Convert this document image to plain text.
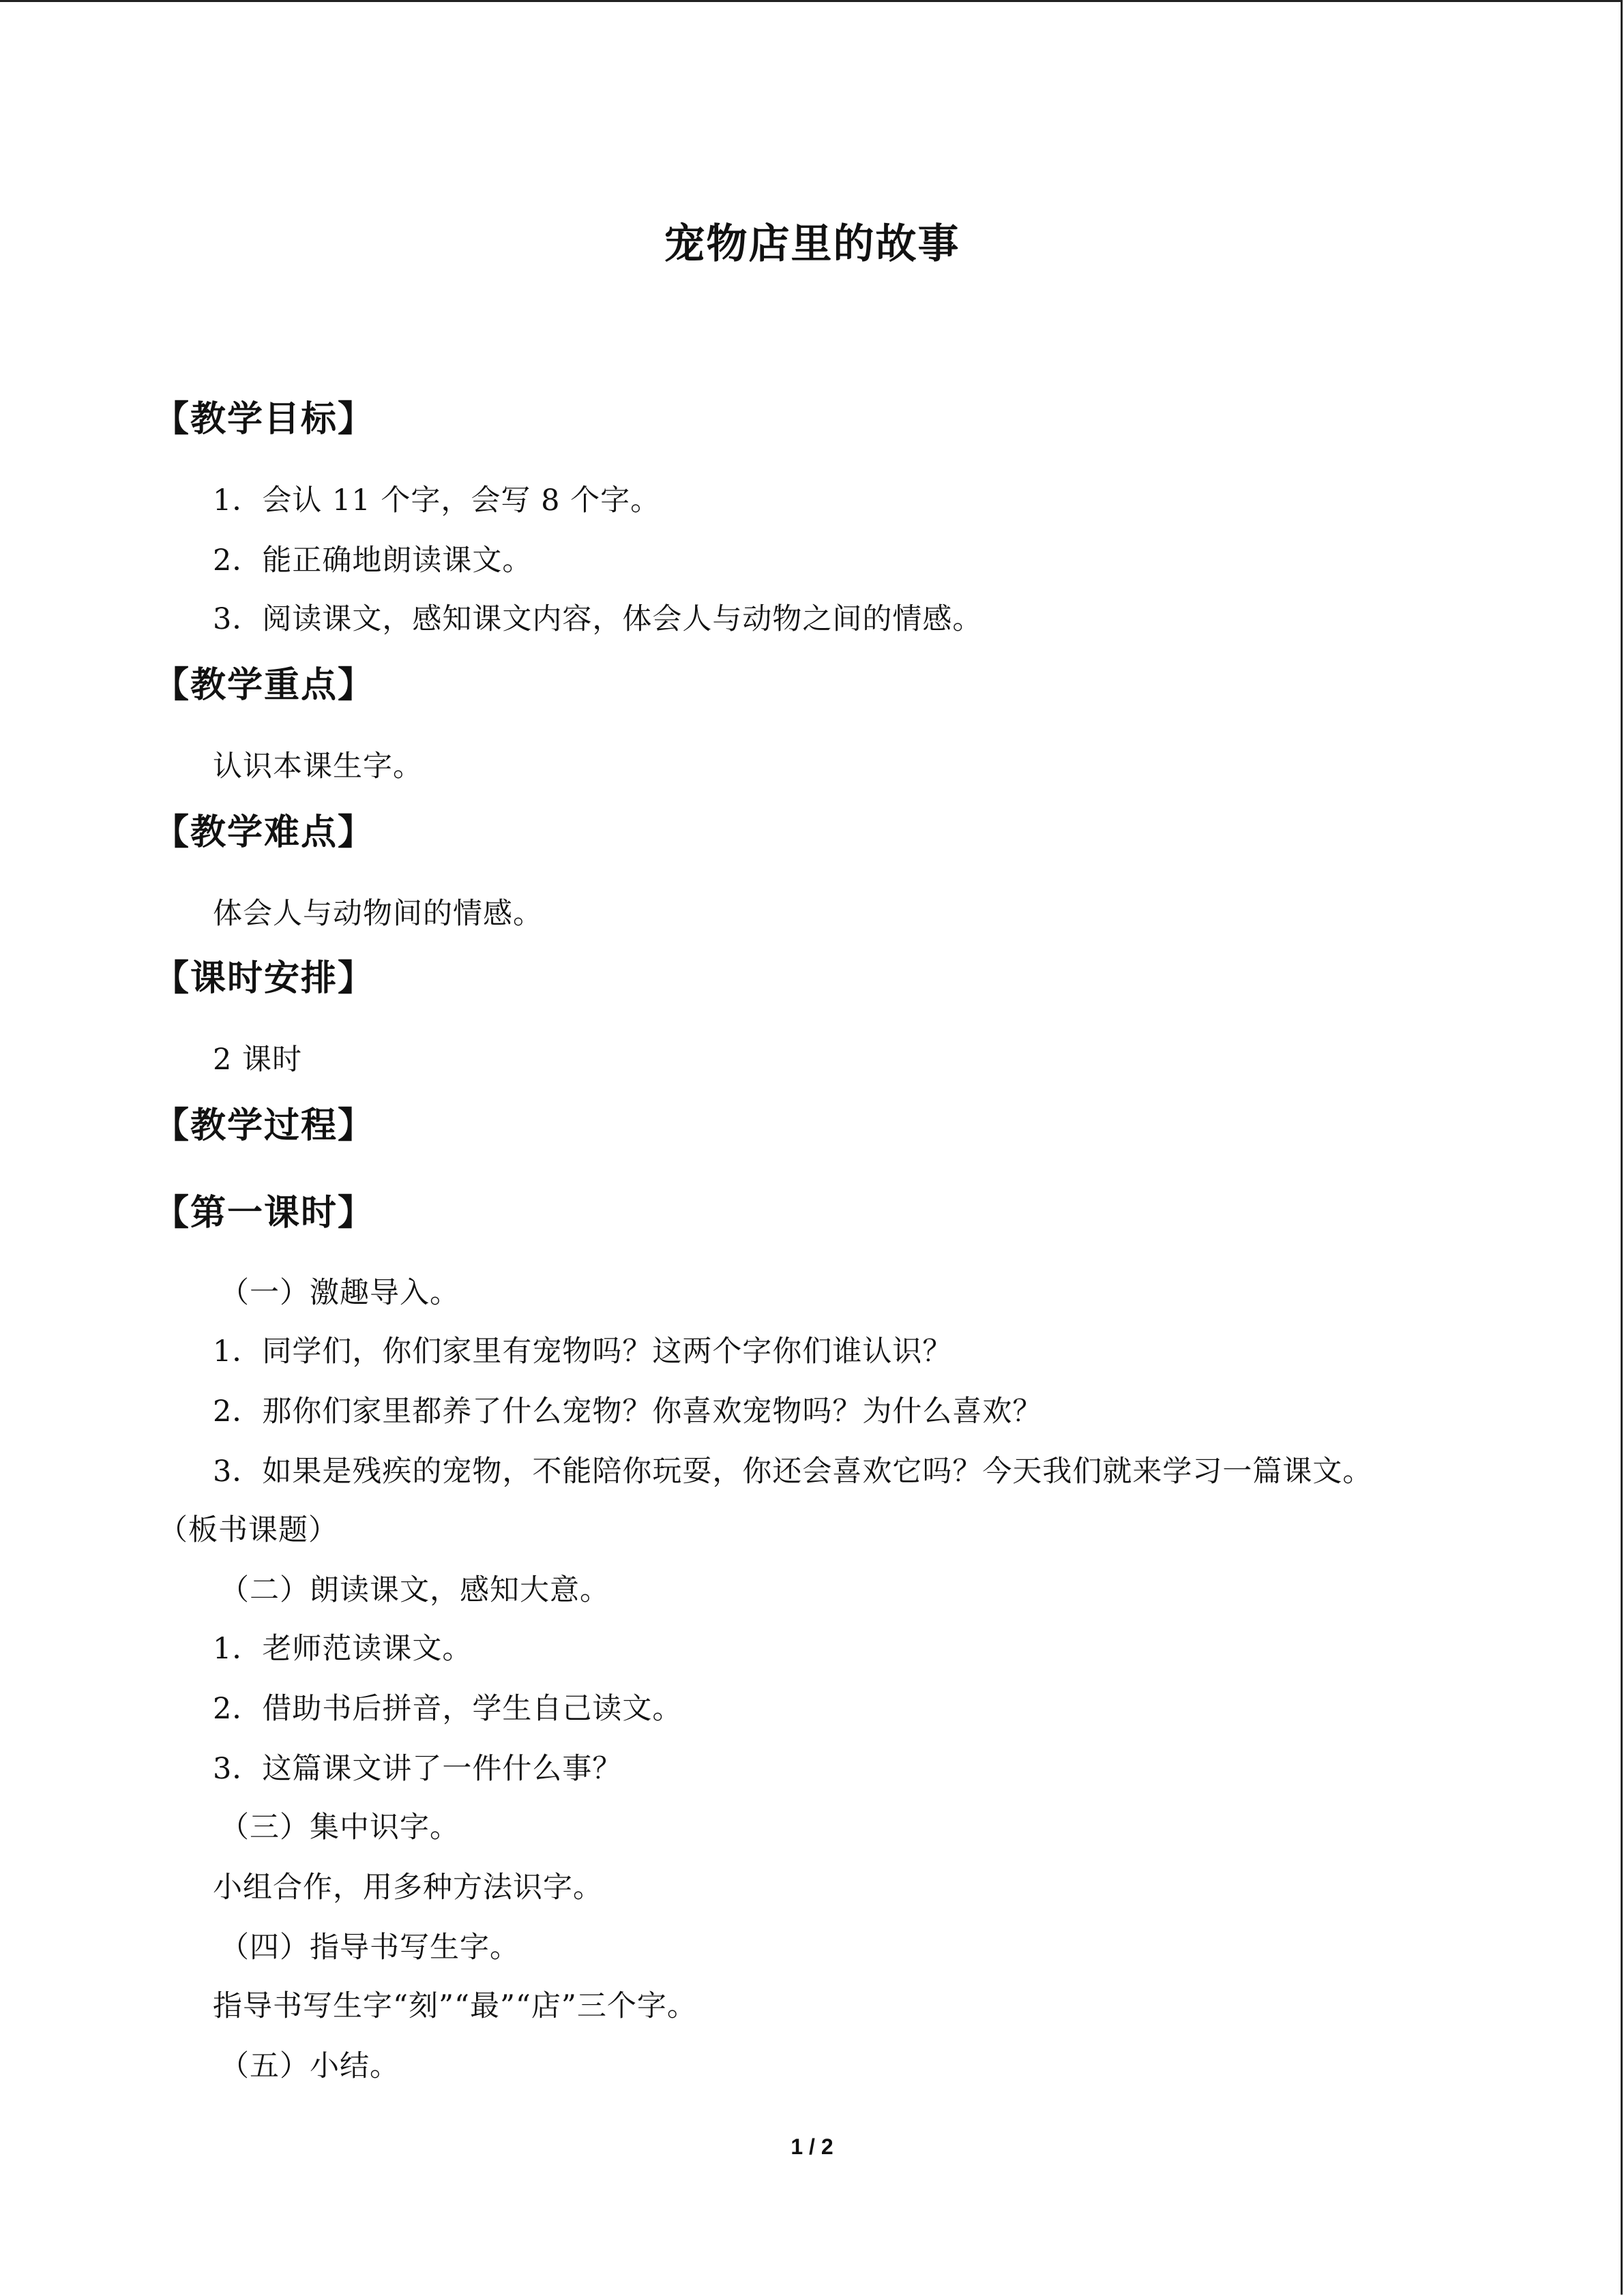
宠物店里的故事
【教学目标】
1．会认 11 个字，会写 8 个字。
2．能正确地朗读课文。
3．阅读课文，感知课文内容，体会人与动物之间的情感。
【教学重点】
认识本课生字。
【教学难点】
体会人与动物间的情感。
【课时安排】
2 课时
【教学过程】
【第一课时】
（一）激趣导入。
1．同学们，你们家里有宠物吗？这两个字你们谁认识？
2．那你们家里都养了什么宠物？你喜欢宠物吗？为什么喜欢？
3．如果是残疾的宠物，不能陪你玩耍，你还会喜欢它吗？今天我们就来学习一篇课文。
（板书课题）
（二）朗读课文，感知大意。
1．老师范读课文。
2．借助书后拼音，学生自己读文。
3．这篇课文讲了一件什么事？
（三）集中识字。
小组合作，用多种方法识字。
（四）指导书写生字。
指导书写生字“刻”“最”“店”三个字。
（五）小结。
1 / 2
